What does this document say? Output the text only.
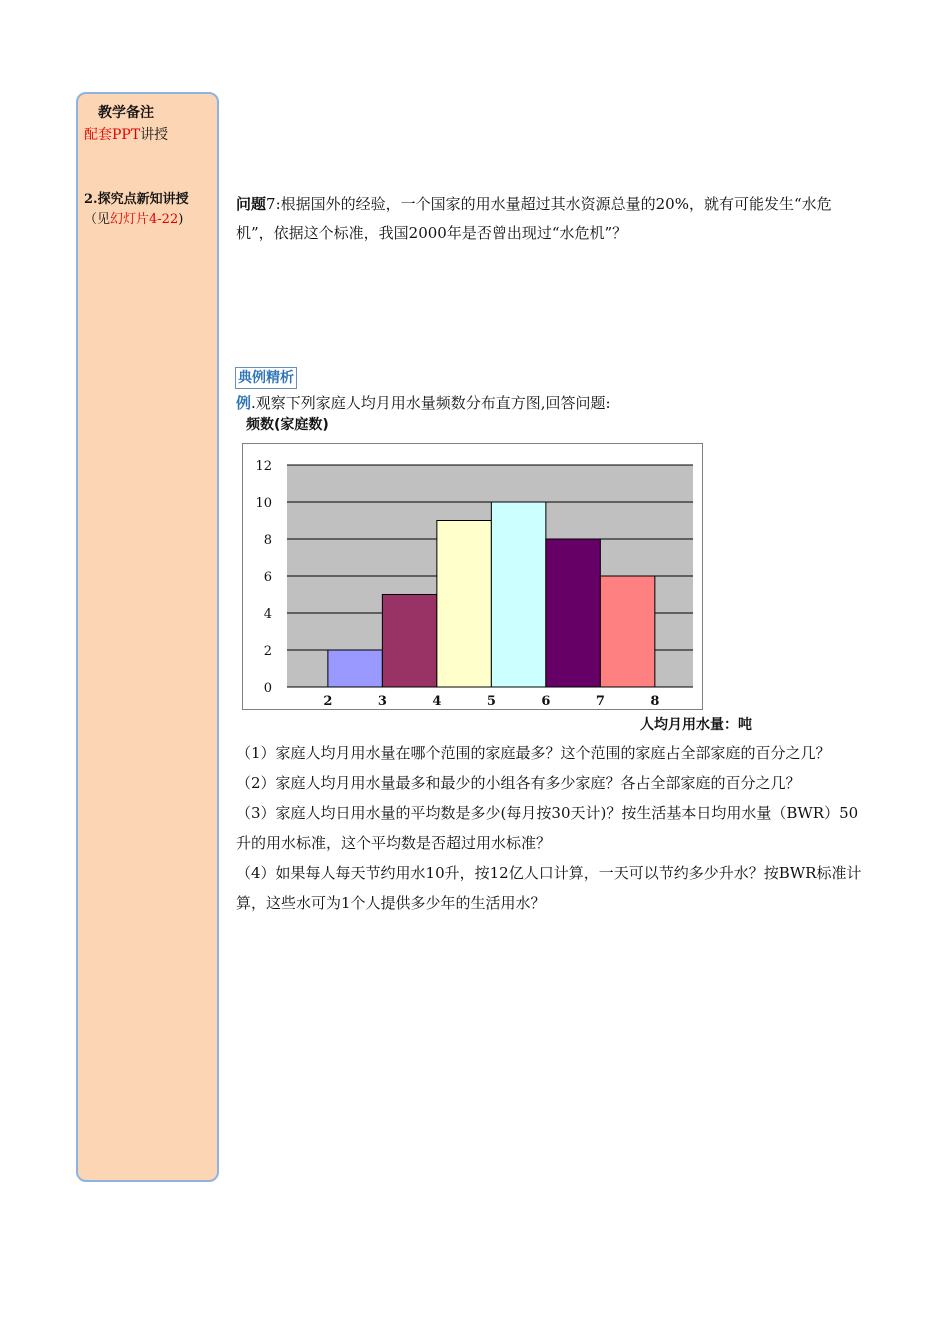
教学备注
配套PPT讲授
2.探究点新知讲授
（见幻灯片4-22)
问题7:根据国外的经验，一个国家的用水量超过其水资源总量的20%，就有可能发生“水危机”，依据这个标准，我国2000年是否曾出现过“水危机”？
典例精析
例.观察下列家庭人均月用水量频数分布直方图,回答问题:
频数(家庭数)
0
2
4
6
8
10
12
2	3	4	5	6	7	8
人均月用水量：吨
（1）家庭人均月用水量在哪个范围的家庭最多？这个范围的家庭占全部家庭的百分之几？
（2）家庭人均月用水量最多和最少的小组各有多少家庭？各占全部家庭的百分之几？
（3）家庭人均日用水量的平均数是多少(每月按30天计)？按生活基本日均用水量（BWR）50升的用水标准，这个平均数是否超过用水标准？
（4）如果每人每天节约用水10升，按12亿人口计算，一天可以节约多少升水？按BWR标准计算，这些水可为1个人提供多少年的生活用水？
